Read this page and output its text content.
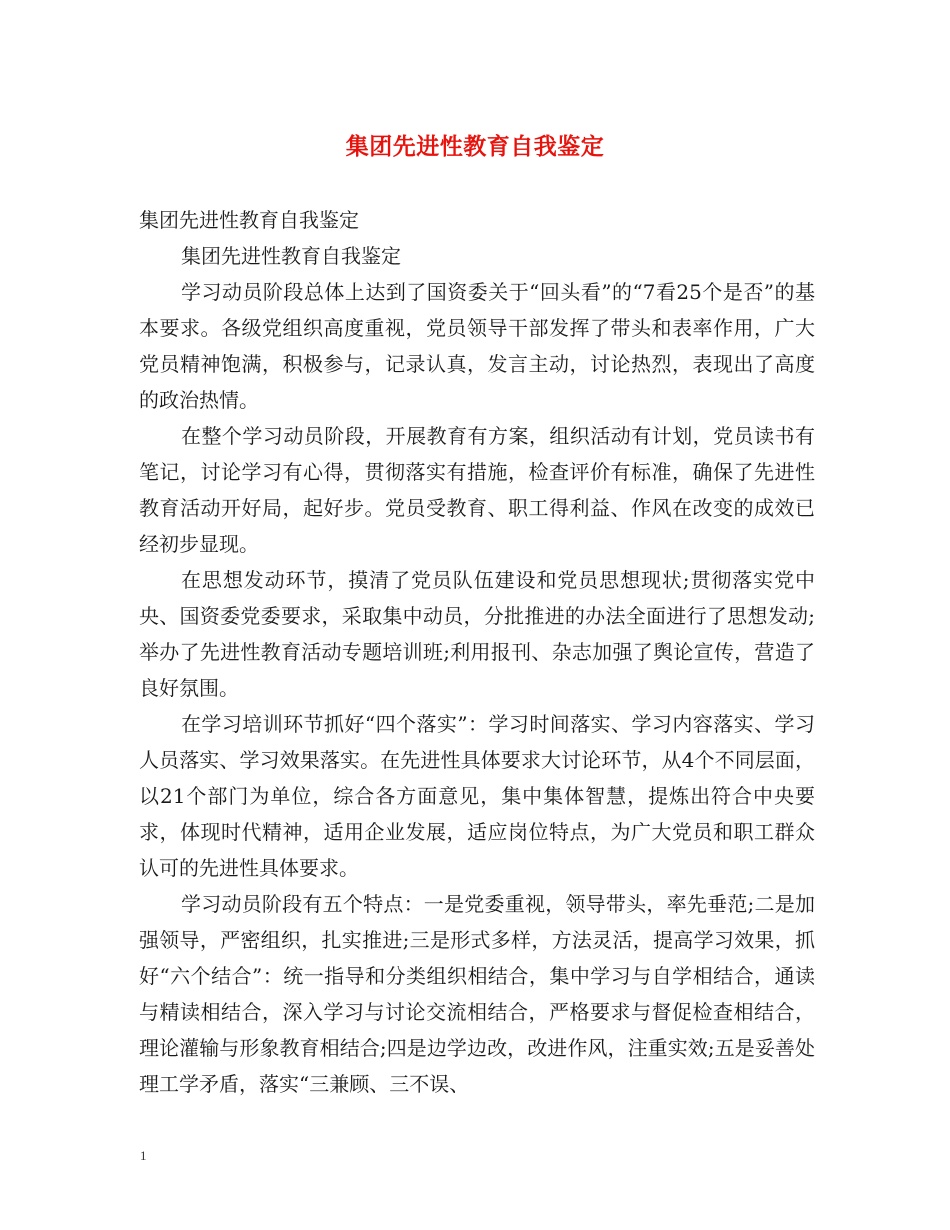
集团先进性教育自我鉴定

集团先进性教育自我鉴定

集团先进性教育自我鉴定

学习动员阶段总体上达到了国资委关于“回头看”的“7看25个是否”的基本要求。各级党组织高度重视，党员领导干部发挥了带头和表率作用，广大党员精神饱满，积极参与，记录认真，发言主动，讨论热烈，表现出了高度的政治热情。

在整个学习动员阶段，开展教育有方案，组织活动有计划，党员读书有笔记，讨论学习有心得，贯彻落实有措施，检查评价有标准，确保了先进性教育活动开好局，起好步。党员受教育、职工得利益、作风在改变的成效已经初步显现。

在思想发动环节，摸清了党员队伍建设和党员思想现状;贯彻落实党中央、国资委党委要求，采取集中动员，分批推进的办法全面进行了思想发动;举办了先进性教育活动专题培训班;利用报刊、杂志加强了舆论宣传，营造了良好氛围。

在学习培训环节抓好“四个落实”：学习时间落实、学习内容落实、学习人员落实、学习效果落实。在先进性具体要求大讨论环节，从4个不同层面，以21个部门为单位，综合各方面意见，集中集体智慧，提炼出符合中央要求，体现时代精神，适用企业发展，适应岗位特点，为广大党员和职工群众认可的先进性具体要求。

学习动员阶段有五个特点：一是党委重视，领导带头，率先垂范;二是加强领导，严密组织，扎实推进;三是形式多样，方法灵活，提高学习效果，抓好“六个结合”：统一指导和分类组织相结合，集中学习与自学相结合，通读与精读相结合，深入学习与讨论交流相结合，严格要求与督促检查相结合，理论灌输与形象教育相结合;四是边学边改，改进作风，注重实效;五是妥善处理工学矛盾，落实“三兼顾、三不误、

1
